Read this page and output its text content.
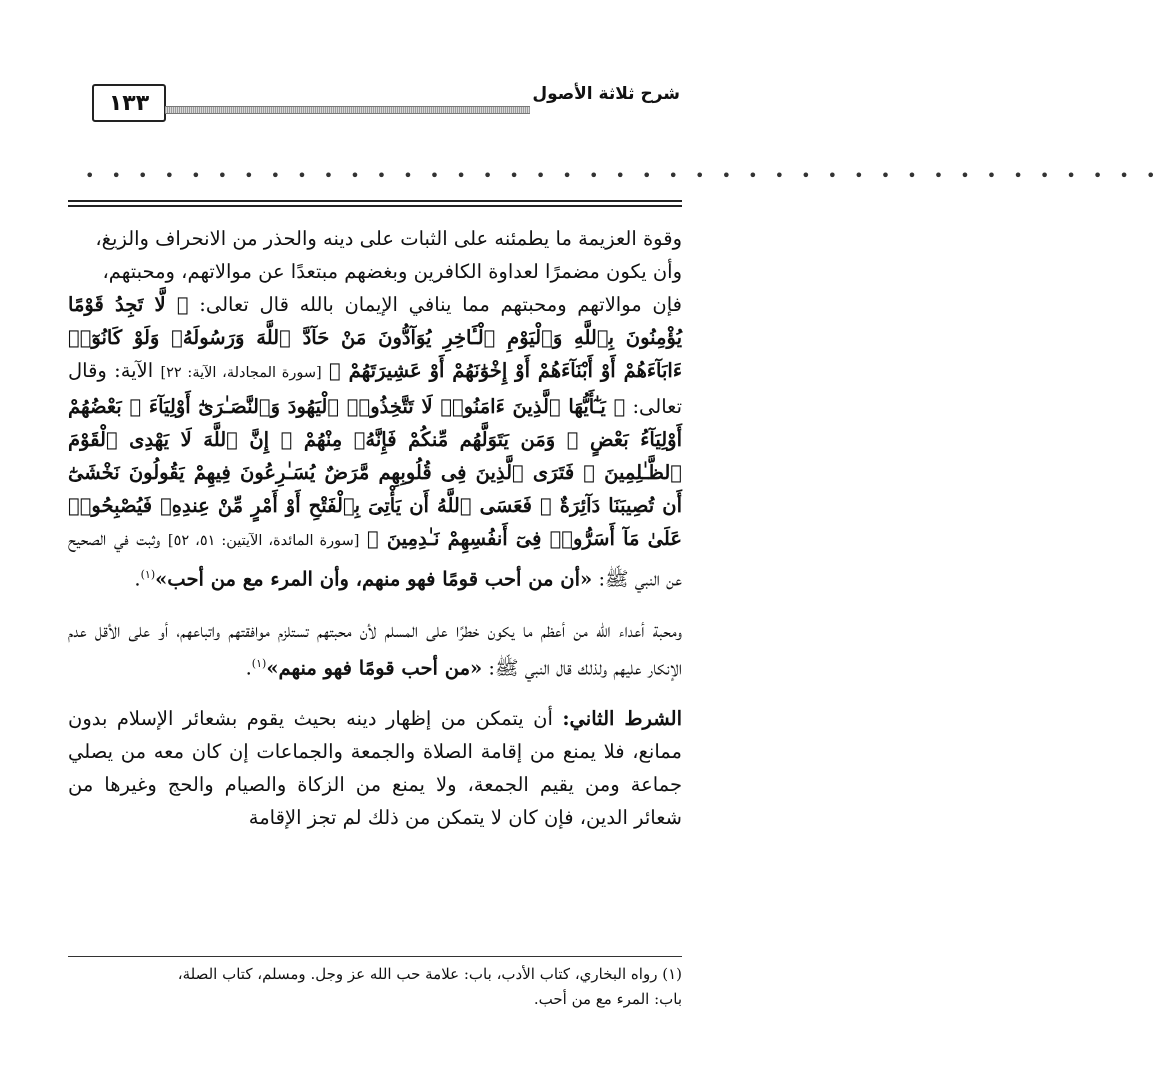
١٣٣	شرح ثلاثة الأصول
• • • • • • • • • • • • • • • • • • • • • • • • • • • • • • • • • • • • • • • • •

وقوة العزيمة ما يطمئنه على الثبات على دينه والحذر من الانحراف والزيغ،

وأن يكون مضمرًا لعداوة الكافرين وبغضهم مبتعدًا عن موالاتهم، ومحبتهم،

فإن موالاتهم ومحبتهم مما ينافي الإيمان بالله قال تعالى: ﴿ لَّا تَجِدُ قَوْمًا يُؤْمِنُونَ بِٱللَّهِ وَٱلْيَوْمِ ٱلْـَٔاخِرِ يُوَآدُّونَ مَنْ حَآدَّ ٱللَّهَ وَرَسُولَهُۥ وَلَوْ كَانُوٓا۟ ءَابَآءَهُمْ أَوْ أَبْنَآءَهُمْ أَوْ إِخْوَٰنَهُمْ أَوْ عَشِيرَتَهُمْ ﴾ [سورة المجادلة، الآية: ٢٢] الآية: وقال تعالى: ﴿ يَـٰٓأَيُّهَا ٱلَّذِينَ ءَامَنُوا۟ لَا تَتَّخِذُوا۟ ٱلْيَهُودَ وَٱلنَّصَـٰرَىٰٓ أَوْلِيَآءَ ۘ بَعْضُهُمْ أَوْلِيَآءُ بَعْضٍ ۚ وَمَن يَتَوَلَّهُم مِّنكُمْ فَإِنَّهُۥ مِنْهُمْ ۗ إِنَّ ٱللَّهَ لَا يَهْدِى ٱلْقَوْمَ ٱلظَّـٰلِمِينَ ۞ فَتَرَى ٱلَّذِينَ فِى قُلُوبِهِم مَّرَضٌ يُسَـٰرِعُونَ فِيهِمْ يَقُولُونَ نَخْشَىٰٓ أَن تُصِيبَنَا دَآئِرَةٌ ۚ فَعَسَى ٱللَّهُ أَن يَأْتِىَ بِٱلْفَتْحِ أَوْ أَمْرٍ مِّنْ عِندِهِۦ فَيُصْبِحُوا۟ عَلَىٰ مَآ أَسَرُّوا۟ فِىٓ أَنفُسِهِمْ نَـٰدِمِينَ ﴾ [سورة المائدة، الآيتين: ٥١، ٥٢] وثبت في الصحيح عن النبي ﷺ: «أن من أحب قومًا فهو منهم، وأن المرء مع من أحب»$^{(١)}$.

ومحبة أعداء الله من أعظم ما يكون خطرًا على المسلم لأن محبتهم تستلزم موافقتهم واتباعهم، أو على الأقل عدم الإنكار عليهم ولذلك قال النبي ﷺ: «من أحب قومًا فهو منهم»$^{(١)}$.

الشرط الثاني: أن يتمكن من إظهار دينه بحيث يقوم بشعائر الإسلام بدون ممانع، فلا يمنع من إقامة الصلاة والجمعة والجماعات إن كان معه من يصلي جماعة ومن يقيم الجمعة، ولا يمنع من الزكاة والصيام والحج وغيرها من شعائر الدين، فإن كان لا يتمكن من ذلك لم تجز الإقامة

(١) رواه البخاري، كتاب الأدب، باب: علامة حب الله عز وجل. ومسلم، كتاب الصلة،

باب: المرء مع من أحب.
